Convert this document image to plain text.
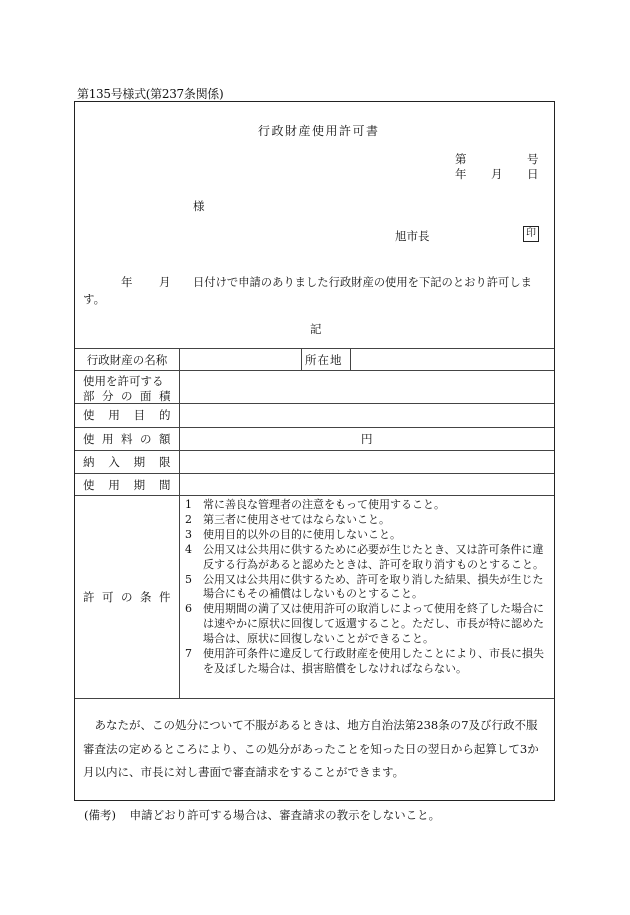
第135号様式(第237条関係)
行政財産使用許可書
第	号
年 月 日
様
旭市長	印
年 月 日付けで申請のありました行政財産の使用を下記のとおり許可しま
す。
記
行政財産の名称	所在地
使用を許可する
部分の面積
使用目的
使用料の額	円
納入期限
使用期間
許可の条件
1 常に善良な管理者の注意をもって使用すること。
2 第三者に使用させてはならないこと。
3 使用目的以外の目的に使用しないこと。
4 公用又は公共用に供するために必要が生じたとき、又は許可条件に違反する行為があると認めたときは、許可を取り消すものとすること。
5 公用又は公共用に供するため、許可を取り消した結果、損失が生じた場合にもその補償はしないものとすること。
6 使用期間の満了又は使用許可の取消しによって使用を終了した場合には速やかに原状に回復して返還すること。ただし、市長が特に認めた場合は、原状に回復しないことができること。
7 使用許可条件に違反して行政財産を使用したことにより、市長に損失を及ぼした場合は、損害賠償をしなければならない。
あなたが、この処分について不服があるときは、地方自治法第238条の7及び行政不服審査法の定めるところにより、この処分があったことを知った日の翌日から起算して3か月以内に、市長に対し書面で審査請求をすることができます。
(備考) 申請どおり許可する場合は、審査請求の教示をしないこと。
